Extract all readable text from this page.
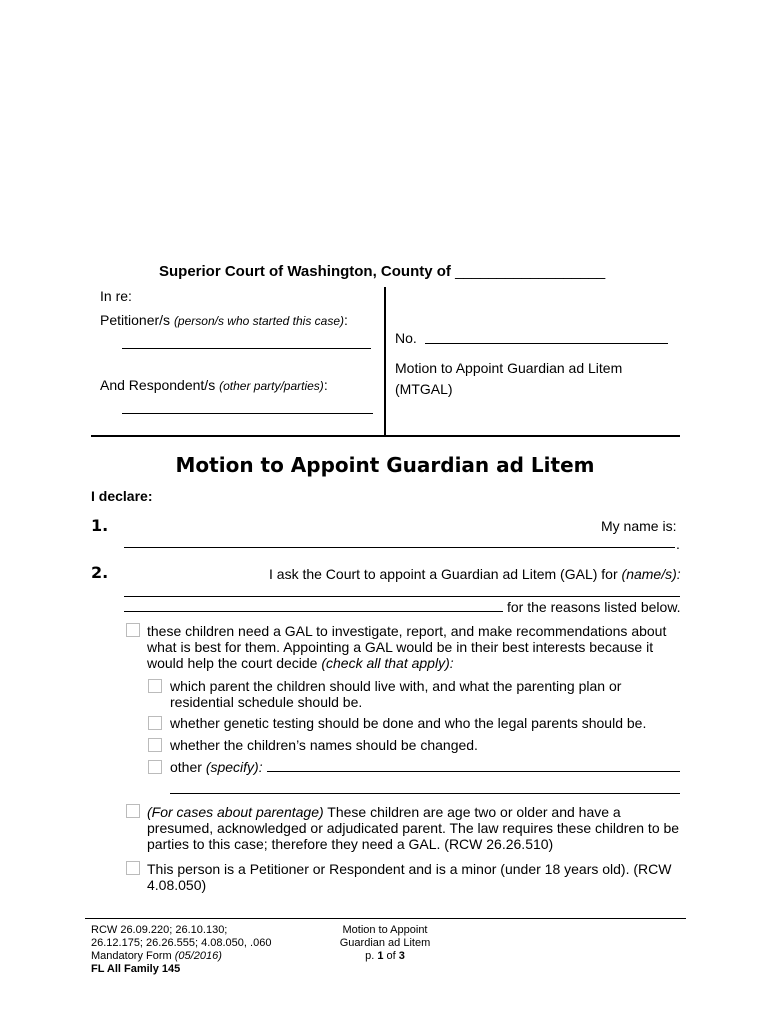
Superior Court of Washington, County of __________________
In re:
Petitioner/s (person/s who started this case):
And Respondent/s (other party/parties):
No.
Motion to Appoint Guardian ad Litem
(MTGAL)
Motion to Appoint Guardian ad Litem
I declare:
1.	My name is:
.
2.	I ask the Court to appoint a Guardian ad Litem (GAL) for (name/s):
for the reasons listed below.
these children need a GAL to investigate, report, and make recommendations about what is best for them. Appointing a GAL would be in their best interests because it would help the court decide (check all that apply):
which parent the children should live with, and what the parenting plan or residential schedule should be.
whether genetic testing should be done and who the legal parents should be.
whether the children’s names should be changed.
other (specify):
(For cases about parentage) These children are age two or older and have a presumed, acknowledged or adjudicated parent. The law requires these children to be parties to this case; therefore they need a GAL. (RCW 26.26.510)
This person is a Petitioner or Respondent and is a minor (under 18 years old). (RCW 4.08.050)
RCW 26.09.220; 26.10.130;
26.12.175; 26.26.555; 4.08.050, .060
Mandatory Form (05/2016)
FL All Family 145
Motion to Appoint
Guardian ad Litem
p. 1 of 3
